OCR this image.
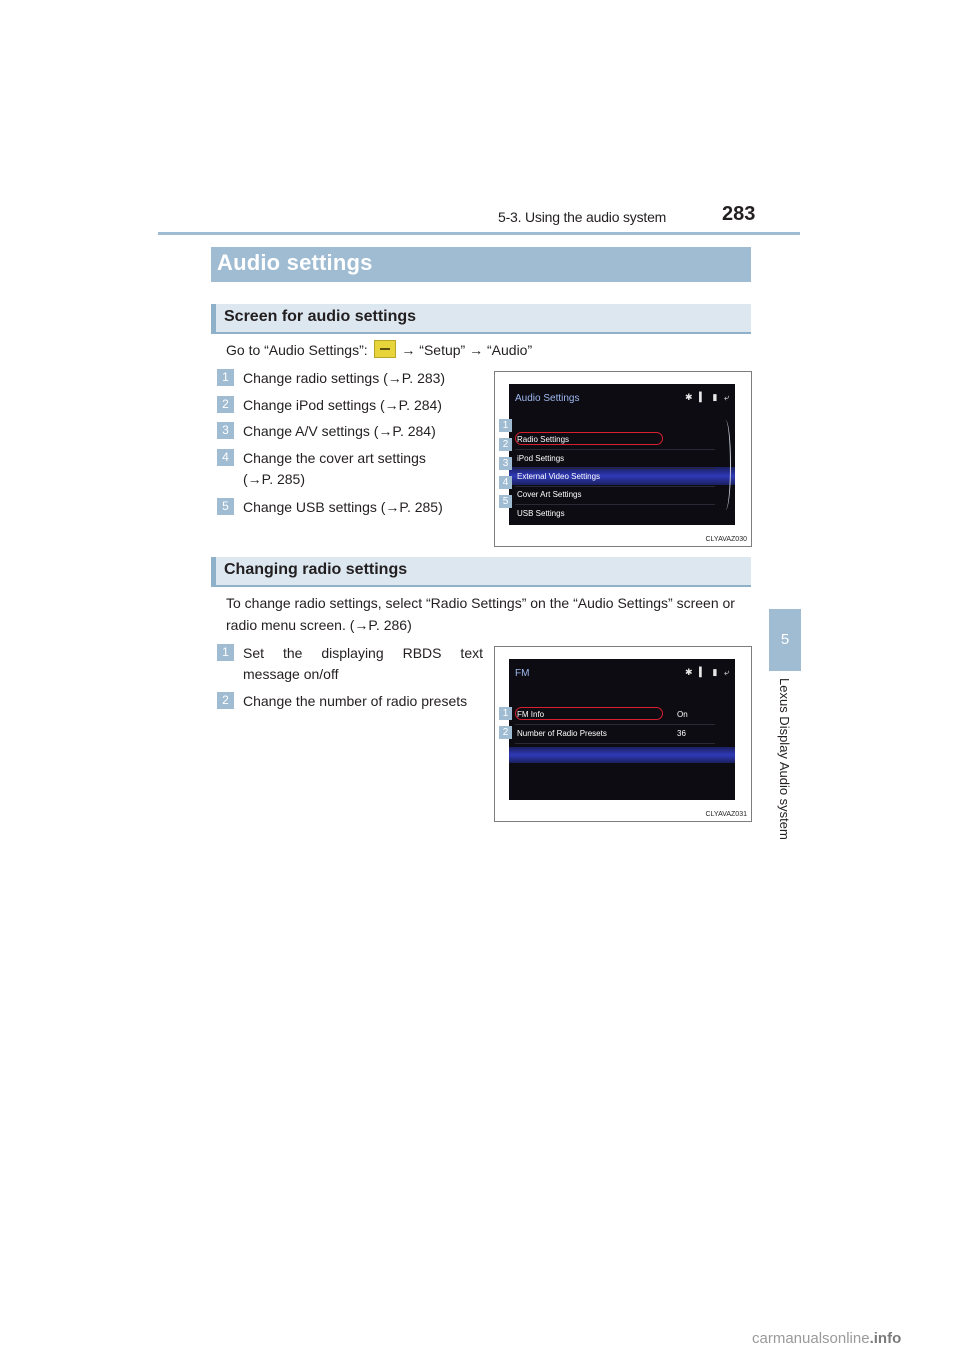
5-3. Using the audio system	283
5
Lexus Display Audio system
Audio settings
Screen for audio settings
Go to “Audio Settings”: → “Setup” → “Audio”
1	Change radio settings (→P. 283)
2	Change iPod settings (→P. 284)
3	Change A/V settings (→P. 284)
4	Change the cover art settings (→P. 285)
5	Change USB settings (→P. 285)
Audio Settings	✱ ▍ ▮ ⤶
Radio Settings
iPod Settings
External Video Settings
Cover Art Settings
USB Settings
1
2
3
4
5
CLYAVAZ030
Changing radio settings
To change radio settings, select “Radio Settings” on the “Audio Settings” screen or radio menu screen. (→P. 286)
1	Set the displaying RBDS text message on/off
2	Change the number of radio presets
FM	✱ ▍ ▮ ⤶
FM Info	On
Number of Radio Presets	36
1
2
CLYAVAZ031
carmanualsonline.info
